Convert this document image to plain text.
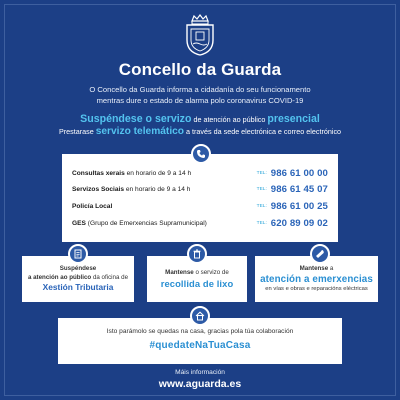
Concello da Guarda
O Concello da Guarda informa a cidadanía do seu funcionamento
mentras dure o estado de alarma polo coronavirus COVID-19
Suspéndese o servizo de atención ao público presencial
Prestarase servizo telemático a través da sede electrónica e correo electrónico
Consultas xerais en horario de 9 a 14 h	TEL: 986 61 00 00
Servizos Sociais en horario de 9 a 14 h	TEL: 986 61 45 07
Policía Local	TEL: 986 61 00 25
GES (Grupo de Emerxencias Supramunicipal)	TEL: 620 89 09 02
Suspéndese
a atención ao público da oficina de
Xestión Tributaria
Mantense o servizo de
recollida de lixo
Mantense a
atención a emerxencias
en vías e obras e reparacións eléctricas
Isto parámolo se quedas na casa, gracias pola túa colaboración
#quedateNaTuaCasa
Máis información
www.aguarda.es
